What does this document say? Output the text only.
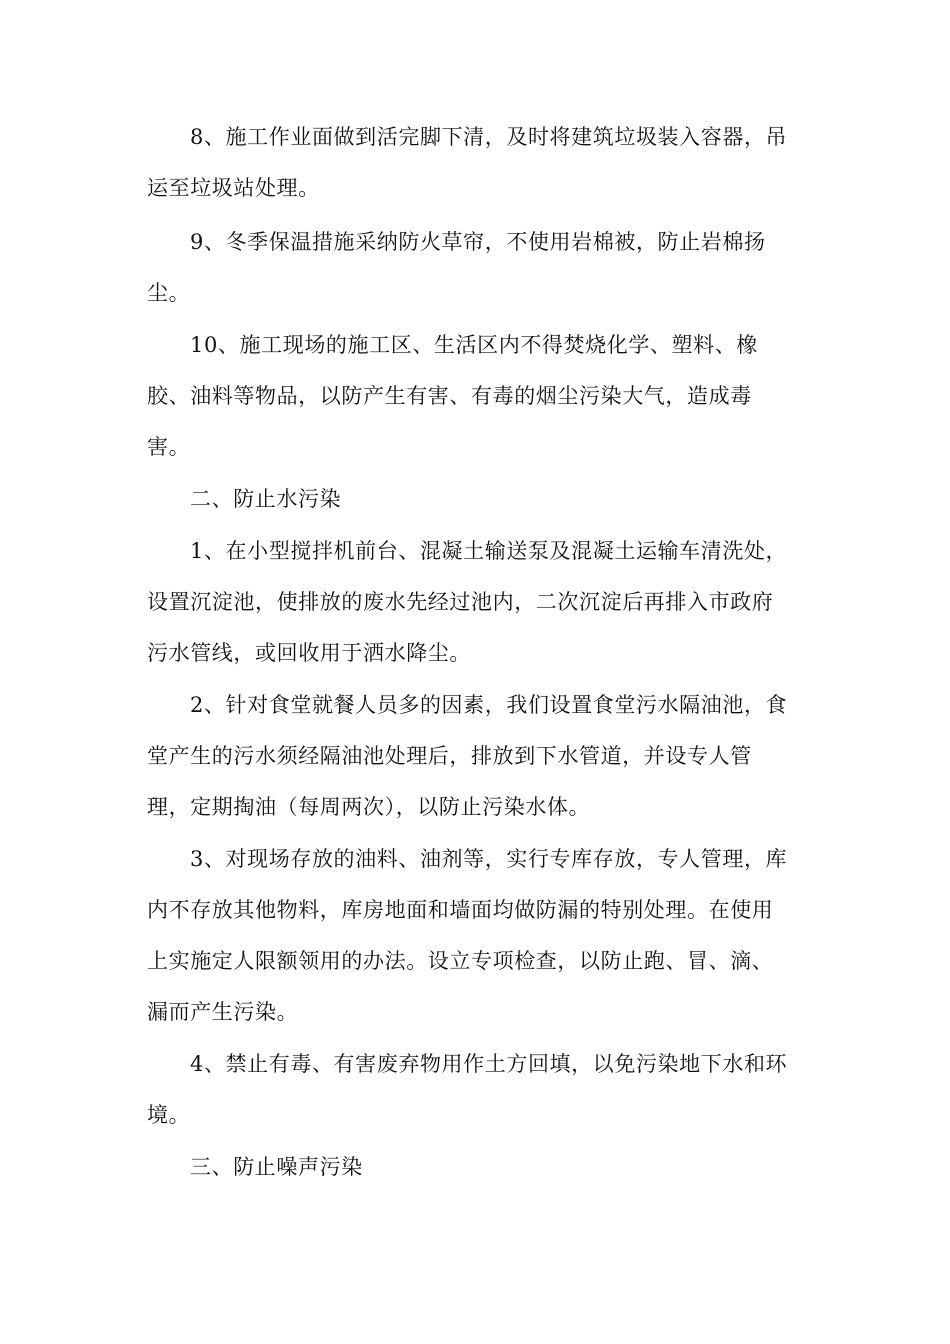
8、施工作业面做到活完脚下清，及时将建筑垃圾装入容器，吊
运至垃圾站处理。
9、冬季保温措施采纳防火草帘，不使用岩棉被，防止岩棉扬
尘。
10、施工现场的施工区、生活区内不得焚烧化学、塑料、橡
胶、油料等物品，以防产生有害、有毒的烟尘污染大气，造成毒
害。
二、防止水污染
1、在小型搅拌机前台、混凝土输送泵及混凝土运输车清洗处，
设置沉淀池，使排放的废水先经过池内，二次沉淀后再排入市政府
污水管线，或回收用于洒水降尘。
2、针对食堂就餐人员多的因素，我们设置食堂污水隔油池，食
堂产生的污水须经隔油池处理后，排放到下水管道，并设专人管
理，定期掏油（每周两次），以防止污染水体。
3、对现场存放的油料、油剂等，实行专库存放，专人管理，库
内不存放其他物料，库房地面和墙面均做防漏的特别处理。在使用
上实施定人限额领用的办法。设立专项检查，以防止跑、冒、滴、
漏而产生污染。
4、禁止有毒、有害废弃物用作土方回填，以免污染地下水和环
境。
三、防止噪声污染
